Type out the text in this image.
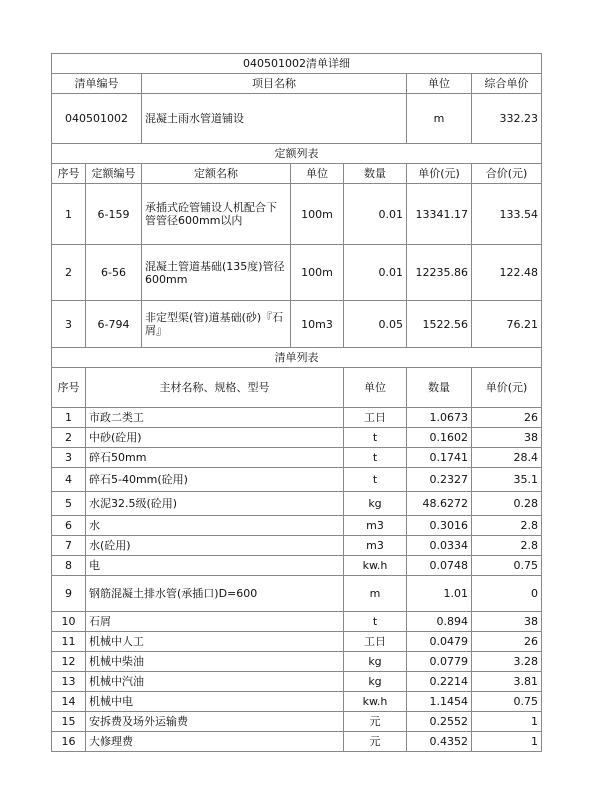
040501002清单详细							
清单编号		项目名称			单位	综合单价	
040501002		混凝土雨水管道铺设			m	332.23	
定额列表							
序号	定额编号	定额名称	单位	数量	单价(元)	合价(元)	
1	6-159	承插式砼管铺设人机配合下管管径600mm以内	100m	0.01	13341.17	133.54	
2	6-56	混凝土管道基础(135度)管径600mm	100m	0.01	12235.86	122.48	
3	6-794	非定型渠(管)道基础(砂)『石屑』	10m3	0.05	1522.56	76.21	
清单列表							
序号	主材名称、规格、型号			单位	数量	单价(元)	
1	市政二类工			工日	1.0673	26	
2	中砂(砼用)			t	0.1602	38	
3	碎石50mm			t	0.1741	28.4	
4	碎石5-40mm(砼用)			t	0.2327	35.1	
5	水泥32.5级(砼用)			kg	48.6272	0.28	
6	水			m3	0.3016	2.8	
7	水(砼用)			m3	0.0334	2.8	
8	电			kw.h	0.0748	0.75	
9	钢筋混凝土排水管(承插口)D=600			m	1.01	0	
10	石屑			t	0.894	38	
11	机械中人工			工日	0.0479	26	
12	机械中柴油			kg	0.0779	3.28	
13	机械中汽油			kg	0.2214	3.81	
14	机械中电			kw.h	1.1454	0.75	
15	安拆费及场外运输费			元	0.2552	1	
16	大修理费			元	0.4352	1	
